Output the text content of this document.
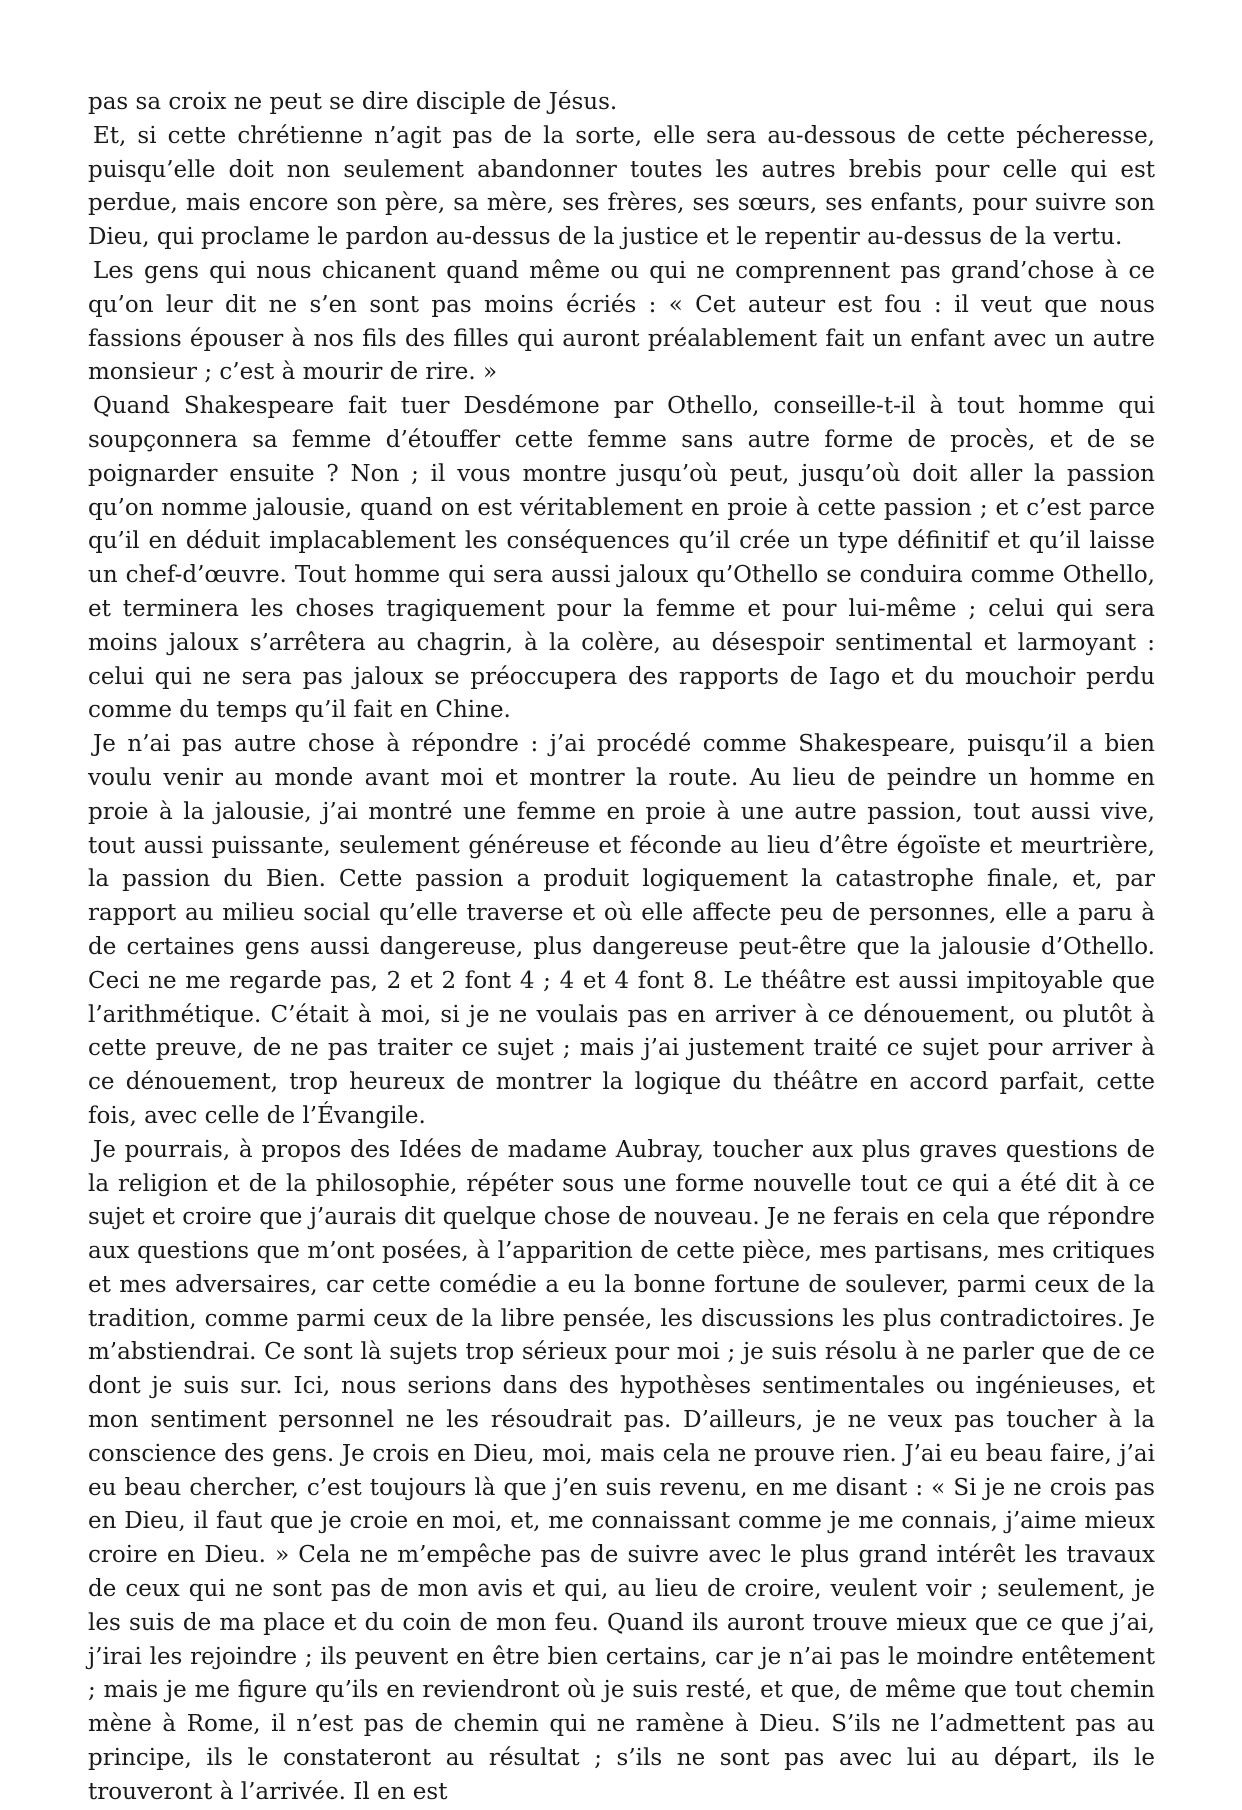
pas sa croix ne peut se dire disciple de Jésus.

Et, si cette chrétienne n’agit pas de la sorte, elle sera au-dessous de cette pécheresse, puisqu’elle doit non seulement abandonner toutes les autres brebis pour celle qui est perdue, mais encore son père, sa mère, ses frères, ses sœurs, ses enfants, pour suivre son Dieu, qui proclame le pardon au-dessus de la justice et le repentir au-dessus de la vertu.

Les gens qui nous chicanent quand même ou qui ne comprennent pas grand’chose à ce qu’on leur dit ne s’en sont pas moins écriés : « Cet auteur est fou : il veut que nous fassions épouser à nos fils des filles qui auront préalablement fait un enfant avec un autre monsieur ; c’est à mourir de rire. »

Quand Shakespeare fait tuer Desdémone par Othello, conseille-t-il à tout homme qui soupçonnera sa femme d’étouffer cette femme sans autre forme de procès, et de se poignarder ensuite ? Non ; il vous montre jusqu’où peut, jusqu’où doit aller la passion qu’on nomme jalousie, quand on est véritablement en proie à cette passion ; et c’est parce qu’il en déduit implacablement les conséquences qu’il crée un type définitif et qu’il laisse un chef-d’œuvre. Tout homme qui sera aussi jaloux qu’Othello se conduira comme Othello, et terminera les choses tragiquement pour la femme et pour lui-même ; celui qui sera moins jaloux s’arrêtera au chagrin, à la colère, au désespoir sentimental et larmoyant : celui qui ne sera pas jaloux se préoccupera des rapports de Iago et du mouchoir perdu comme du temps qu’il fait en Chine.

Je n’ai pas autre chose à répondre : j’ai procédé comme Shakespeare, puisqu’il a bien voulu venir au monde avant moi et montrer la route. Au lieu de peindre un homme en proie à la jalousie, j’ai montré une femme en proie à une autre passion, tout aussi vive, tout aussi puissante, seulement généreuse et féconde au lieu d’être égoïste et meurtrière, la passion du Bien. Cette passion a produit logiquement la catastrophe finale, et, par rapport au milieu social qu’elle traverse et où elle affecte peu de personnes, elle a paru à de certaines gens aussi dangereuse, plus dangereuse peut-être que la jalousie d’Othello. Ceci ne me regarde pas, 2 et 2 font 4 ; 4 et 4 font 8. Le théâtre est aussi impitoyable que l’arithmétique. C’était à moi, si je ne voulais pas en arriver à ce dénouement, ou plutôt à cette preuve, de ne pas traiter ce sujet ; mais j’ai justement traité ce sujet pour arriver à ce dénouement, trop heureux de montrer la logique du théâtre en accord parfait, cette fois, avec celle de l’Évangile.

Je pourrais, à propos des Idées de madame Aubray, toucher aux plus graves questions de la religion et de la philosophie, répéter sous une forme nouvelle tout ce qui a été dit à ce sujet et croire que j’aurais dit quelque chose de nouveau. Je ne ferais en cela que répondre aux questions que m’ont posées, à l’apparition de cette pièce, mes partisans, mes critiques et mes adversaires, car cette comédie a eu la bonne fortune de soulever, parmi ceux de la tradition, comme parmi ceux de la libre pensée, les discussions les plus contradictoires. Je m’abstiendrai. Ce sont là sujets trop sérieux pour moi ; je suis résolu à ne parler que de ce dont je suis sur. Ici, nous serions dans des hypothèses sentimentales ou ingénieuses, et mon sentiment personnel ne les résoudrait pas. D’ailleurs, je ne veux pas toucher à la conscience des gens. Je crois en Dieu, moi, mais cela ne prouve rien. J’ai eu beau faire, j’ai eu beau chercher, c’est toujours là que j’en suis revenu, en me disant : « Si je ne crois pas en Dieu, il faut que je croie en moi, et, me connaissant comme je me connais, j’aime mieux croire en Dieu. » Cela ne m’empêche pas de suivre avec le plus grand intérêt les travaux de ceux qui ne sont pas de mon avis et qui, au lieu de croire, veulent voir ; seulement, je les suis de ma place et du coin de mon feu. Quand ils auront trouve mieux que ce que j’ai, j’irai les rejoindre ; ils peuvent en être bien certains, car je n’ai pas le moindre entêtement ; mais je me figure qu’ils en reviendront où je suis resté, et que, de même que tout chemin mène à Rome, il n’est pas de chemin qui ne ramène à Dieu. S’ils ne l’admettent pas au principe, ils le constateront au résultat ; s’ils ne sont pas avec lui au départ, ils le trouveront à l’arrivée. Il en est
